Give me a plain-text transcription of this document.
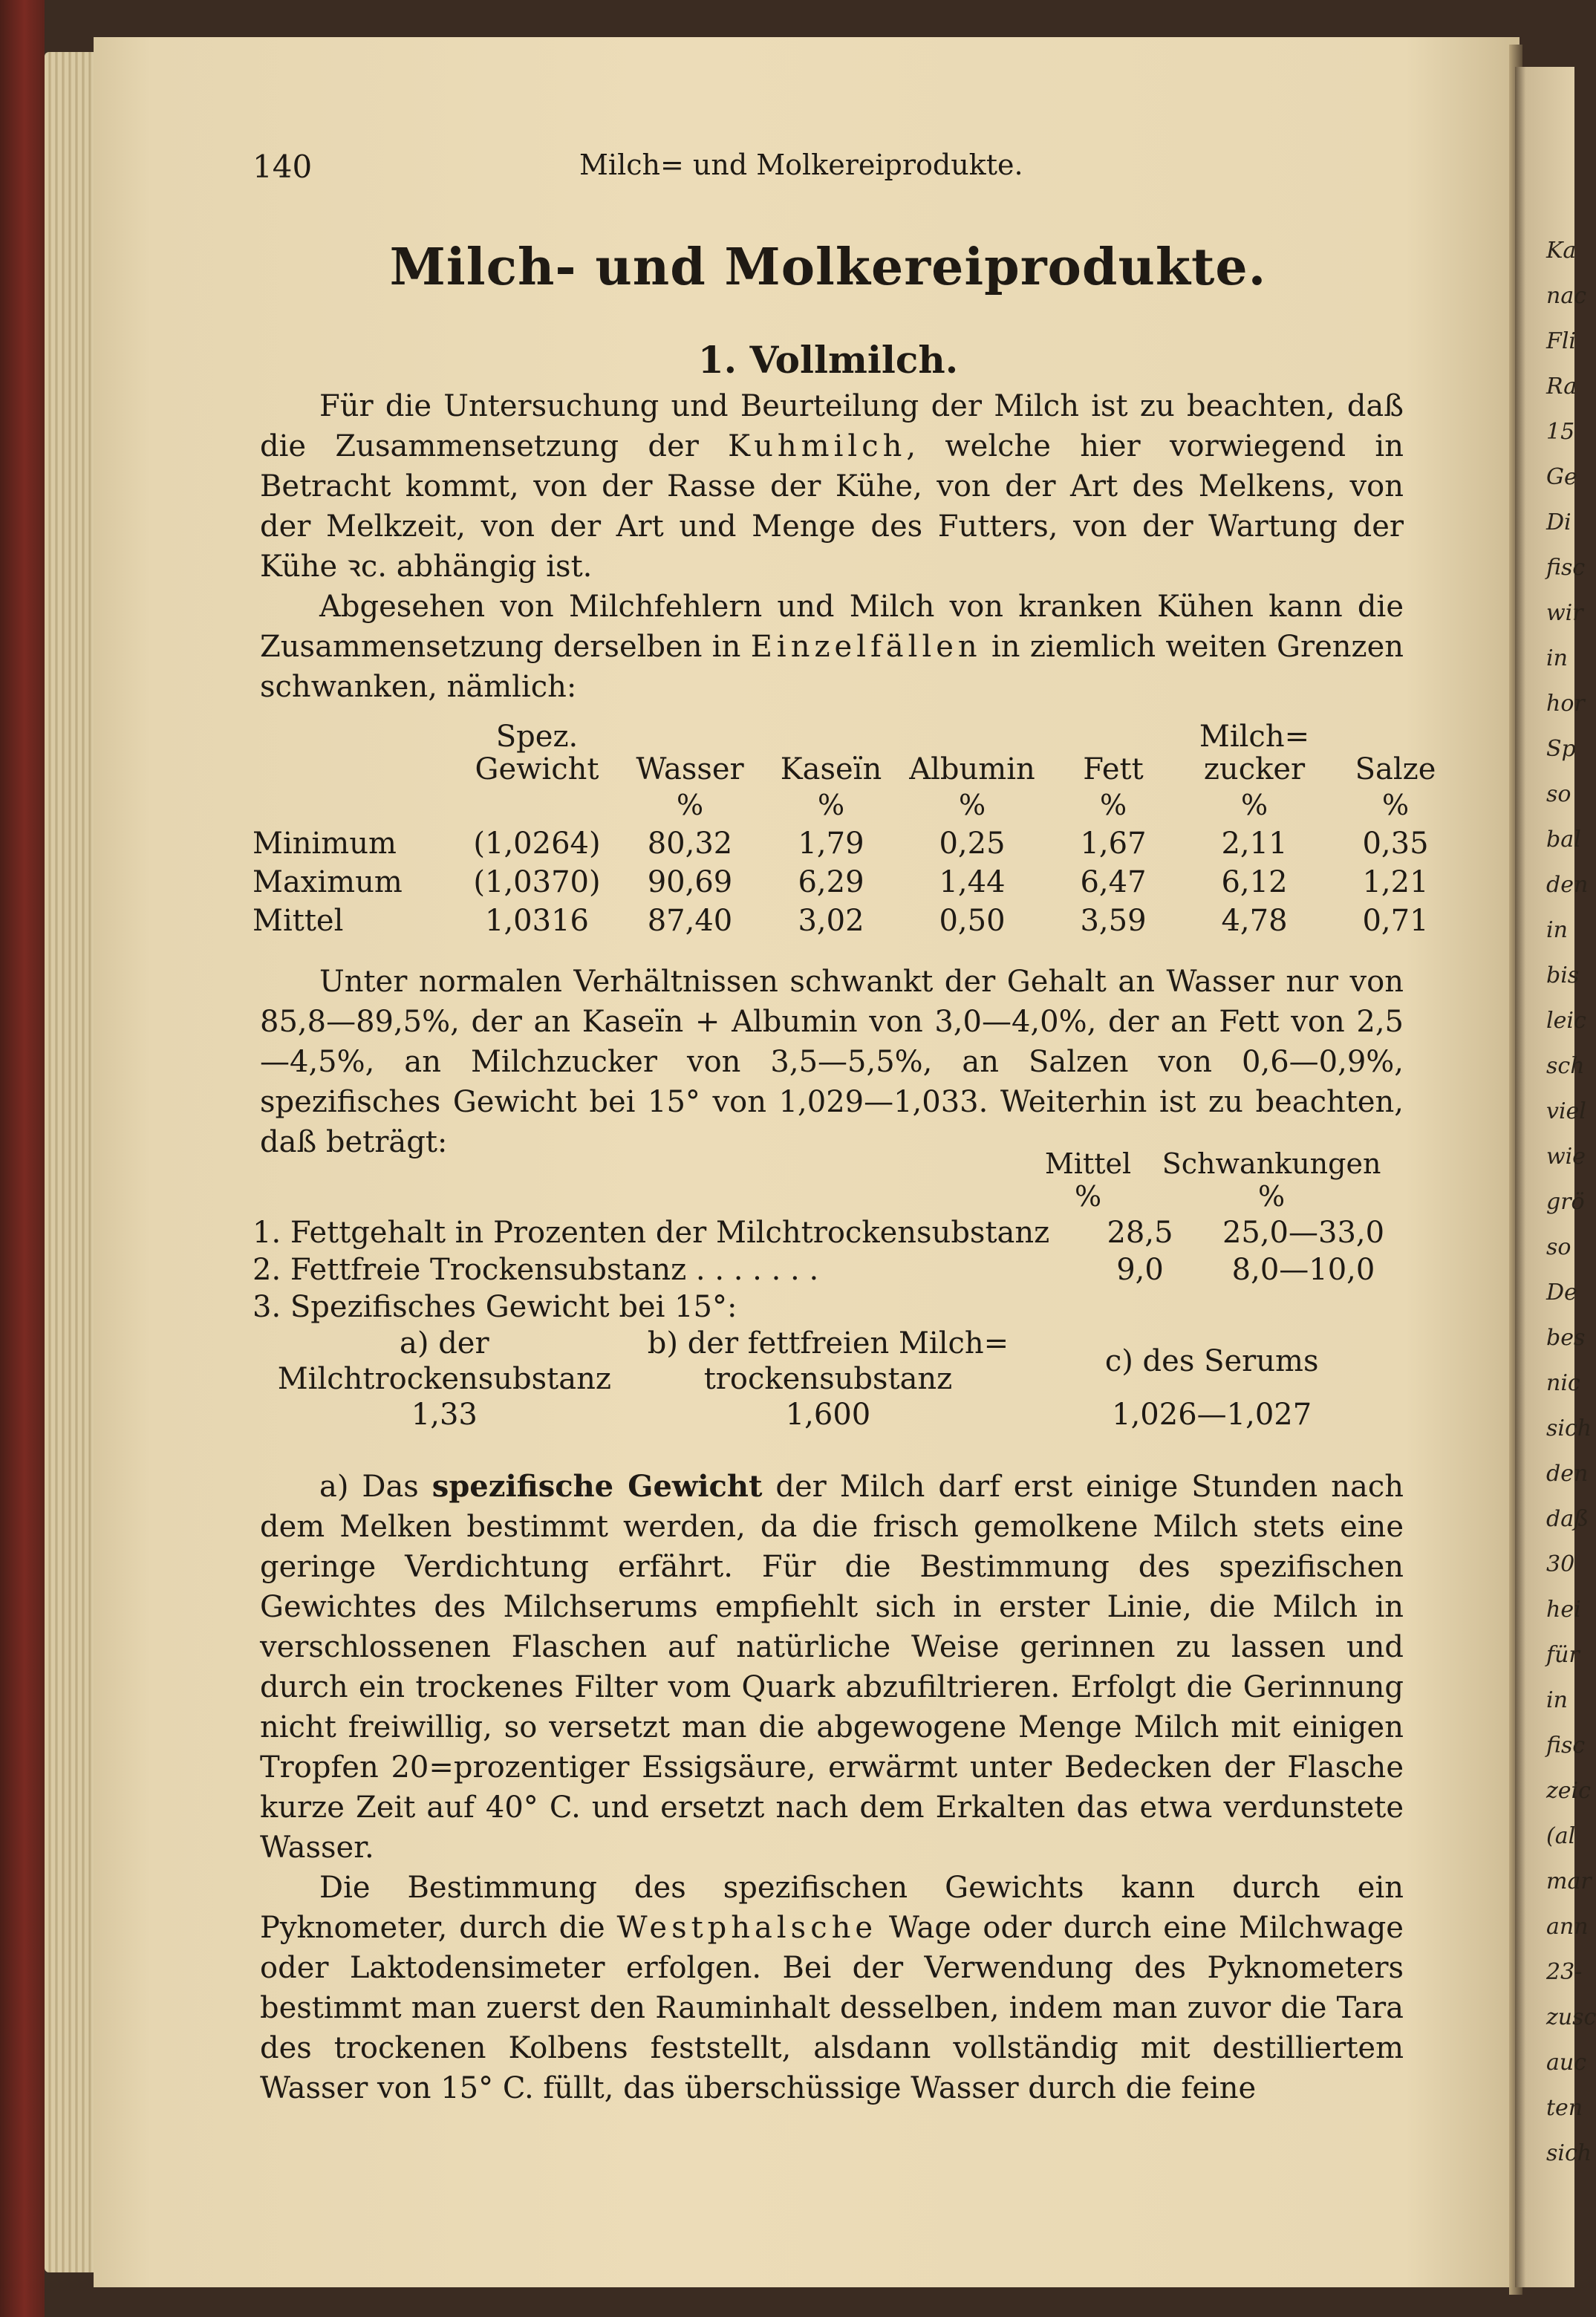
Ka
nac
Fli
Ra
15
Ge
Di
fisc
wir
in
hor
Sp
so
bal
den
in
bis
leic
sch
viel
wie
grö
so
De
bes
nic
sich
den
daß
30
hei
für
in
fisc
zeic
(al
mar
ann
23-
zusc
auc
ten
sich
140	Milch= und Molkereiprodukte.
Milch- und Molkereiprodukte.
1. Vollmilch.

Für die Untersuchung und Beurteilung der Milch ist zu beachten, daß die Zusammensetzung der Kuhmilch, welche hier vorwiegend in Betracht kommt, von der Rasse der Kühe, von der Art des Melkens, von der Melkzeit, von der Art und Menge des Futters, von der Wartung der Kühe ꝛc. abhängig ist.

Abgesehen von Milchfehlern und Milch von kranken Kühen kann die Zusammensetzung derselben in Einzelfällen in ziemlich weiten Grenzen schwanken, nämlich:

	Spez. Gewicht	Wasser	Kaseïn	Albumin	Fett	Milch= zucker	Salze
		%	%	%	%	%	%
Minimum	(1,0264)	80,32	1,79	0,25	1,67	2,11	0,35
Maximum	(1,0370)	90,69	6,29	1,44	6,47	6,12	1,21
Mittel	1,0316	87,40	3,02	0,50	3,59	4,78	0,71

Unter normalen Verhältnissen schwankt der Gehalt an Wasser nur von 85,8—89,5%, der an Kaseïn + Albumin von 3,0—4,0%, der an Fett von 2,5—4,5%, an Milchzucker von 3,5—5,5%, an Salzen von 0,6—0,9%, spezifisches Gewicht bei 15° von 1,029—1,033. Weiterhin ist zu beachten, daß beträgt:

Mittel Schwankungen
%	%
1. Fettgehalt in Prozenten der Milchtrockensubstanz	28,5	25,0—33,0
2. Fettfreie Trockensubstanz . . . . . . .	9,0	8,0—10,0
3. Spezifisches Gewicht bei 15°:		
a) der Milchtrockensubstanz	b) der fettfreien Milch= trockensubstanz	c) des Serums
1,33	1,600	1,026—1,027

a) Das spezifische Gewicht der Milch darf erst einige Stunden nach dem Melken bestimmt werden, da die frisch gemolkene Milch stets eine geringe Verdichtung erfährt. Für die Bestimmung des spezifischen Gewichtes des Milchserums empfiehlt sich in erster Linie, die Milch in verschlossenen Flaschen auf natürliche Weise gerinnen zu lassen und durch ein trockenes Filter vom Quark abzufiltrieren. Erfolgt die Gerinnung nicht freiwillig, so versetzt man die abgewogene Menge Milch mit einigen Tropfen 20=prozentiger Essigsäure, erwärmt unter Bedecken der Flasche kurze Zeit auf 40° C. und ersetzt nach dem Erkalten das etwa verdunstete Wasser.

Die Bestimmung des spezifischen Gewichts kann durch ein Pyknometer, durch die Westphalsche Wage oder durch eine Milchwage oder Laktodensimeter erfolgen. Bei der Verwendung des Pyknometers bestimmt man zuerst den Rauminhalt desselben, indem man zuvor die Tara des trockenen Kolbens feststellt, alsdann vollständig mit destilliertem Wasser von 15° C. füllt, das überschüssige Wasser durch die feine
